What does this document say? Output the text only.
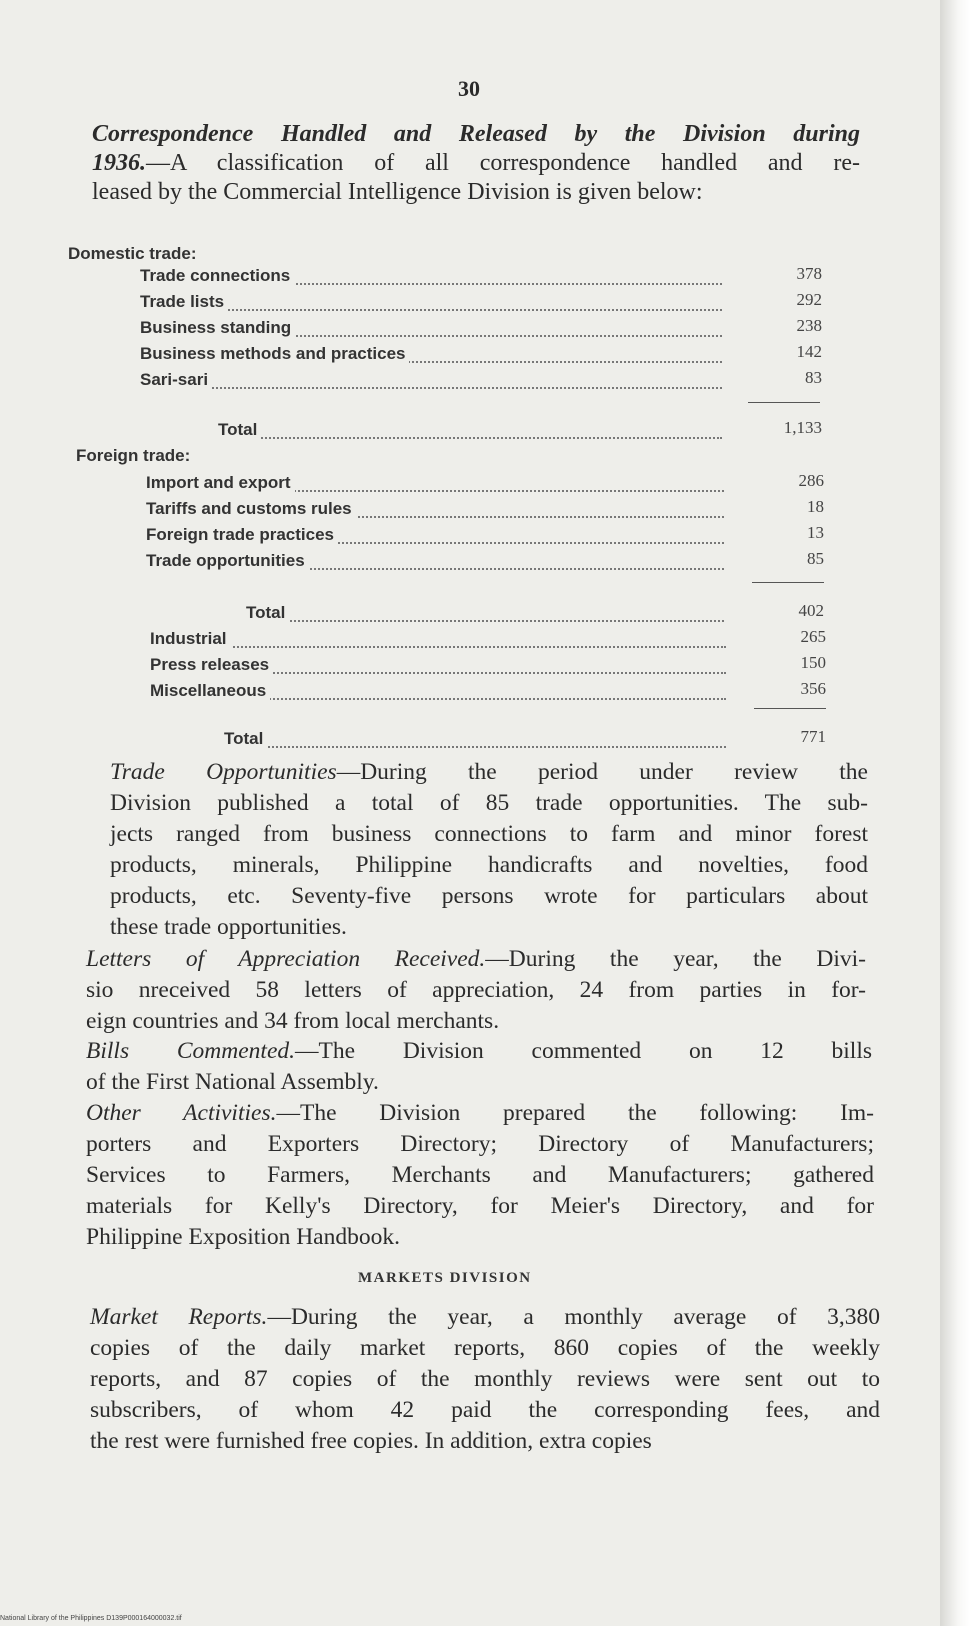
30
Correspondence Handled and Released by the Division during
1936.—A classification of all correspondence handled and re-
leased by the Commercial Intelligence Division is given below:
Domestic trade:
Trade connections	378
Trade lists	292
Business standing	238
Business methods and practices	142
Sari-sari	83
Total	1,133
Foreign trade:
Import and export	286
Tariffs and customs rules	18
Foreign trade practices	13
Trade opportunities	85
Total	402
Industrial	265
Press releases	150
Miscellaneous	356
Total	771
Trade Opportunities—During the period under review the
Division published a total of 85 trade opportunities. The sub-
jects ranged from business connections to farm and minor forest
products, minerals, Philippine handicrafts and novelties, food
products, etc. Seventy-five persons wrote for particulars about
these trade opportunities.
Letters of Appreciation Received.—During the year, the Divi-
sio nreceived 58 letters of appreciation, 24 from parties in for-
eign countries and 34 from local merchants.
Bills Commented.—The Division commented on 12 bills
of the First National Assembly.
Other Activities.—The Division prepared the following: Im-
porters and Exporters Directory; Directory of Manufacturers;
Services to Farmers, Merchants and Manufacturers; gathered
materials for Kelly's Directory, for Meier's Directory, and for
Philippine Exposition Handbook.
MARKETS DIVISION
Market Reports.—During the year, a monthly average of 3,380
copies of the daily market reports, 860 copies of the weekly
reports, and 87 copies of the monthly reviews were sent out to
subscribers, of whom 42 paid the corresponding fees, and
the rest were furnished free copies. In addition, extra copies
National Library of the Philippines D139P000164000032.tif
